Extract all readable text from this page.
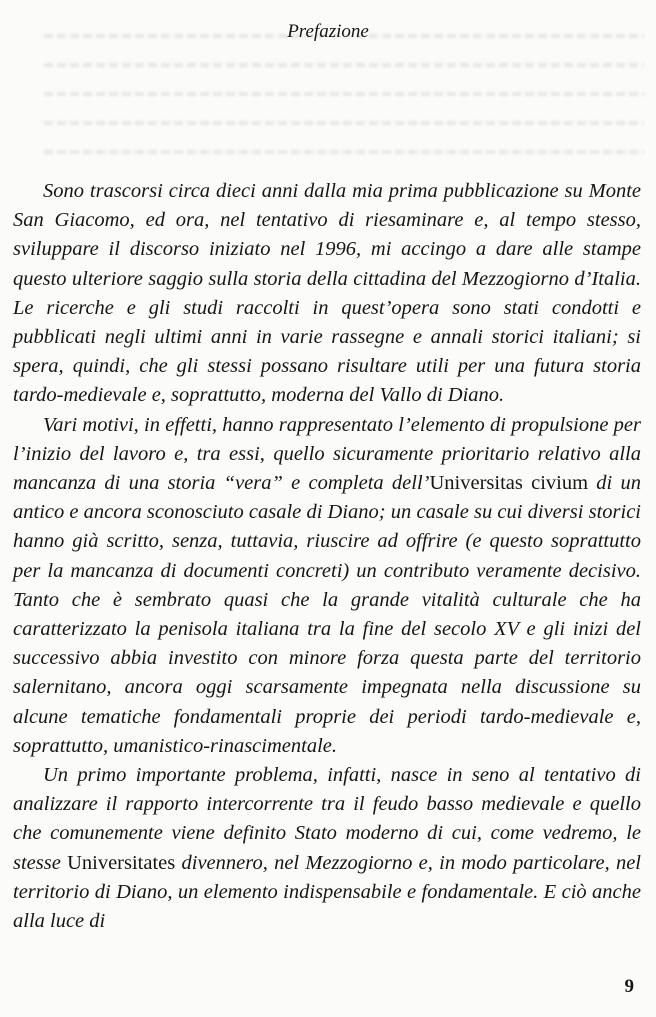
Prefazione

Sono trascorsi circa dieci anni dalla mia prima pubblicazione su Monte San Giacomo, ed ora, nel tentativo di riesaminare e, al tempo stesso, sviluppare il discorso iniziato nel 1996, mi accingo a dare alle stampe questo ulteriore saggio sulla storia della cittadina del Mezzogiorno d’Italia. Le ricerche e gli studi raccolti in quest’opera sono stati condotti e pubblicati negli ultimi anni in varie rassegne e annali storici italiani; si spera, quindi, che gli stessi possano risultare utili per una futura storia tardo-medievale e, soprattutto, moderna del Vallo di Diano.

Vari motivi, in effetti, hanno rappresentato l’elemento di propulsione per l’inizio del lavoro e, tra essi, quello sicuramente prioritario relativo alla mancanza di una storia “vera” e completa dell’Universitas civium di un antico e ancora sconosciuto casale di Diano; un casale su cui diversi storici hanno già scritto, senza, tuttavia, riuscire ad offrire (e questo soprattutto per la mancanza di documenti concreti) un contributo veramente decisivo. Tanto che è sembrato quasi che la grande vitalità culturale che ha caratterizzato la penisola italiana tra la fine del secolo XV e gli inizi del successivo abbia investito con minore forza questa parte del territorio salernitano, ancora oggi scarsamente impegnata nella discussione su alcune tematiche fondamentali proprie dei periodi tardo-medievale e, soprattutto, umanistico-rinascimentale.

Un primo importante problema, infatti, nasce in seno al tentativo di analizzare il rapporto intercorrente tra il feudo basso medievale e quello che comunemente viene definito Stato moderno di cui, come vedremo, le stesse Universitates divennero, nel Mezzogiorno e, in modo particolare, nel territorio di Diano, un elemento indispensabile e fondamentale. E ciò anche alla luce di

9
